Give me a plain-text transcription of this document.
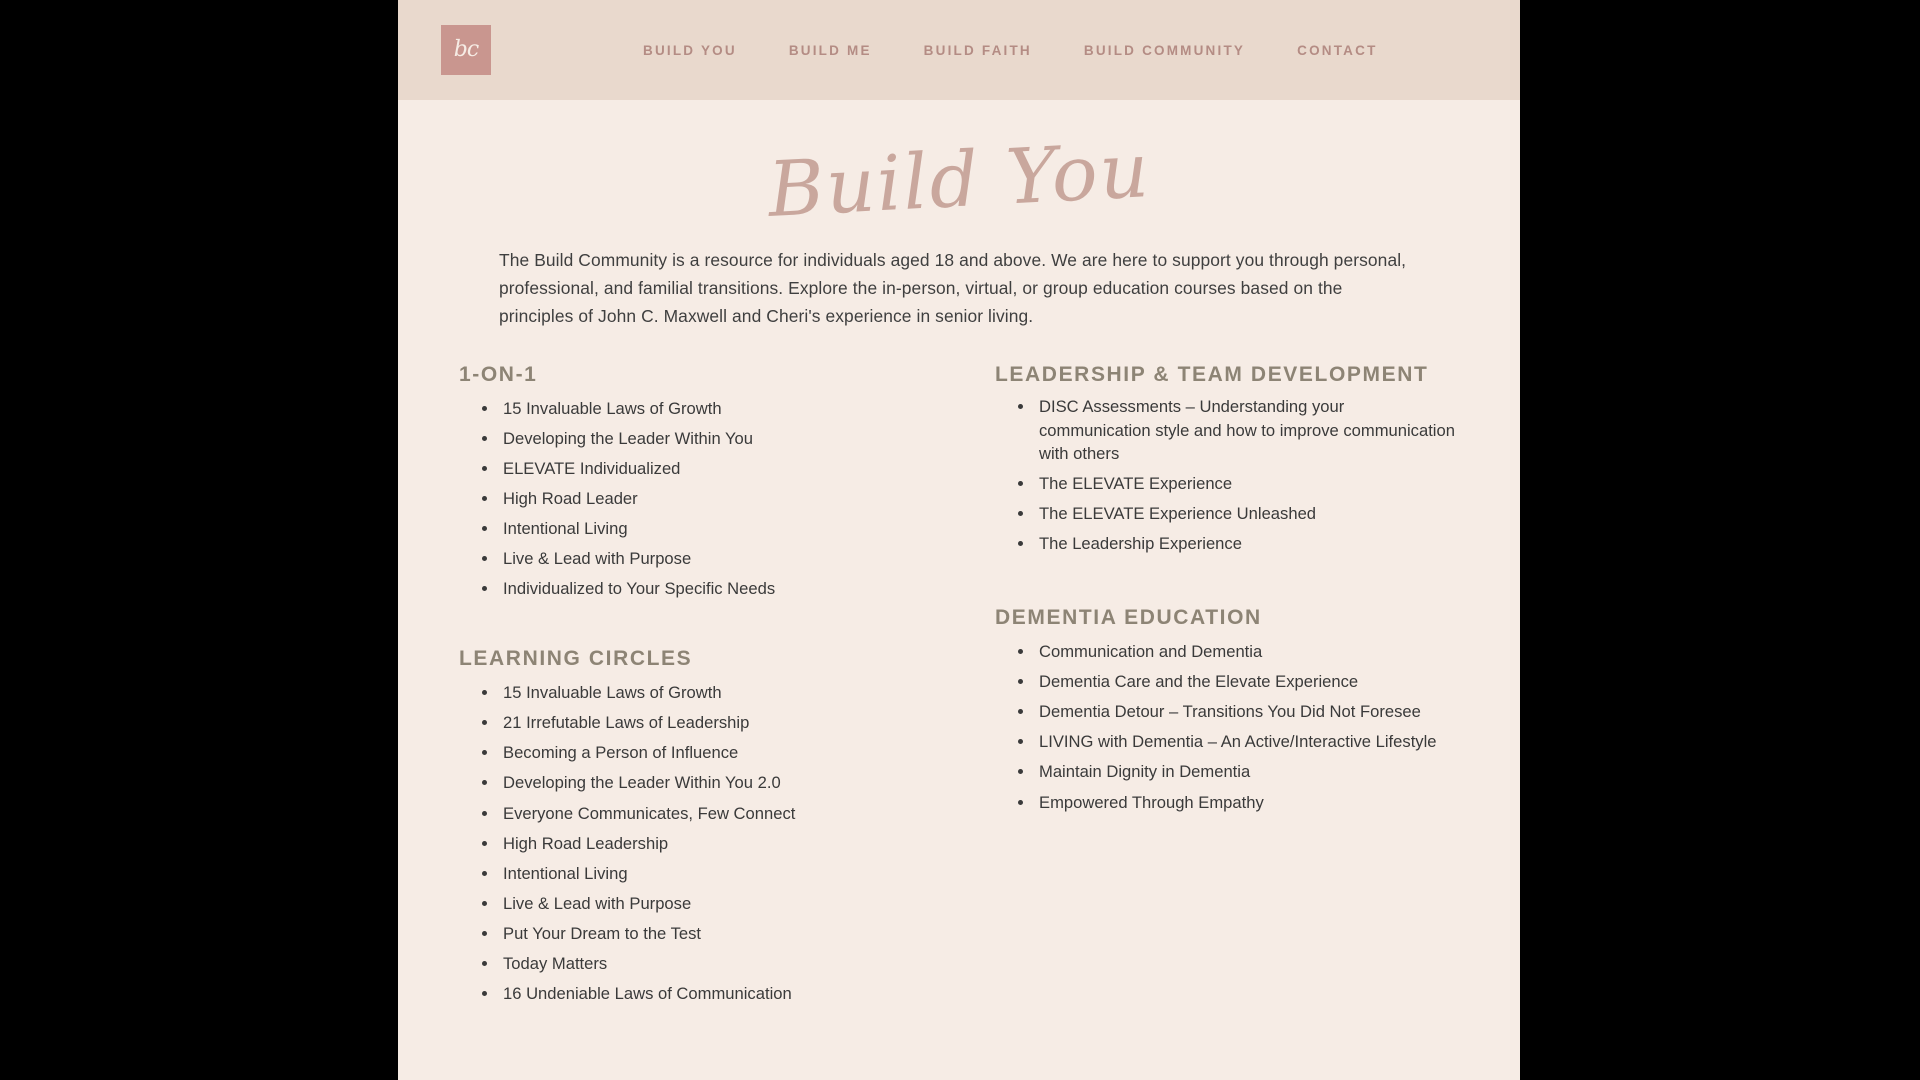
bc	BUILD YOU	BUILD ME	BUILD FAITH	BUILD COMMUNITY	CONTACT
Build You

The Build Community is a resource for individuals aged 18 and above. We are here to support you through personal, professional, and familial transitions. Explore the in-person, virtual, or group education courses based on the principles of John C. Maxwell and Cheri's experience in senior living.

1-ON-1
• 15 Invaluable Laws of Growth
• Developing the Leader Within You
• ELEVATE Individualized
• High Road Leader
• Intentional Living
• Live & Lead with Purpose
• Individualized to Your Specific Needs
LEARNING CIRCLES
• 15 Invaluable Laws of Growth
• 21 Irrefutable Laws of Leadership
• Becoming a Person of Influence
• Developing the Leader Within You 2.0
• Everyone Communicates, Few Connect
• High Road Leadership
• Intentional Living
• Live & Lead with Purpose
• Put Your Dream to the Test
• Today Matters
• 16 Undeniable Laws of Communication
LEADERSHIP & TEAM DEVELOPMENT
• DISC Assessments – Understanding your communication style and how to improve communication with others
• The ELEVATE Experience
• The ELEVATE Experience Unleashed
• The Leadership Experience
DEMENTIA EDUCATION
• Communication and Dementia
• Dementia Care and the Elevate Experience
• Dementia Detour – Transitions You Did Not Foresee
• LIVING with Dementia – An Active/Interactive Lifestyle
• Maintain Dignity in Dementia
• Empowered Through Empathy
